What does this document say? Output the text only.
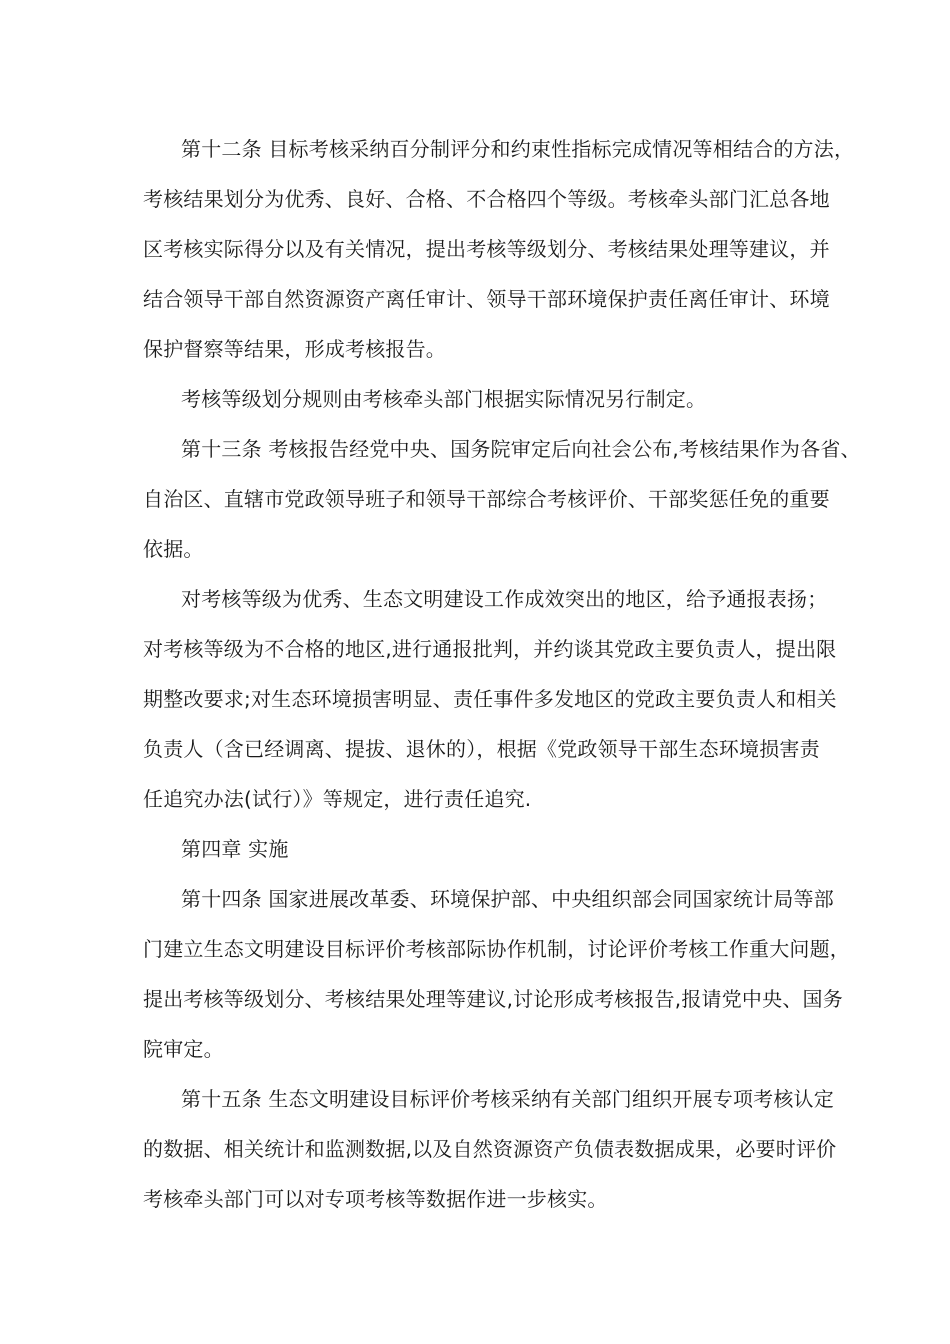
第十二条 目标考核采纳百分制评分和约束性指标完成情况等相结合的方法，
考核结果划分为优秀、良好、合格、不合格四个等级。考核牵头部门汇总各地
区考核实际得分以及有关情况，提出考核等级划分、考核结果处理等建议，并
结合领导干部自然资源资产离任审计、领导干部环境保护责任离任审计、环境
保护督察等结果，形成考核报告。
考核等级划分规则由考核牵头部门根据实际情况另行制定。
第十三条 考核报告经党中央、国务院审定后向社会公布,考核结果作为各省、
自治区、直辖市党政领导班子和领导干部综合考核评价、干部奖惩任免的重要
依据。
对考核等级为优秀、生态文明建设工作成效突出的地区，给予通报表扬；
对考核等级为不合格的地区,进行通报批判，并约谈其党政主要负责人，提出限
期整改要求;对生态环境损害明显、责任事件多发地区的党政主要负责人和相关
负责人（含已经调离、提拔、退休的），根据《党政领导干部生态环境损害责
任追究办法(试行）》等规定，进行责任追究.
第四章 实施
第十四条 国家进展改革委、环境保护部、中央组织部会同国家统计局等部
门建立生态文明建设目标评价考核部际协作机制，讨论评价考核工作重大问题，
提出考核等级划分、考核结果处理等建议,讨论形成考核报告,报请党中央、国务
院审定。
第十五条 生态文明建设目标评价考核采纳有关部门组织开展专项考核认定
的数据、相关统计和监测数据,以及自然资源资产负债表数据成果，必要时评价
考核牵头部门可以对专项考核等数据作进一步核实。
